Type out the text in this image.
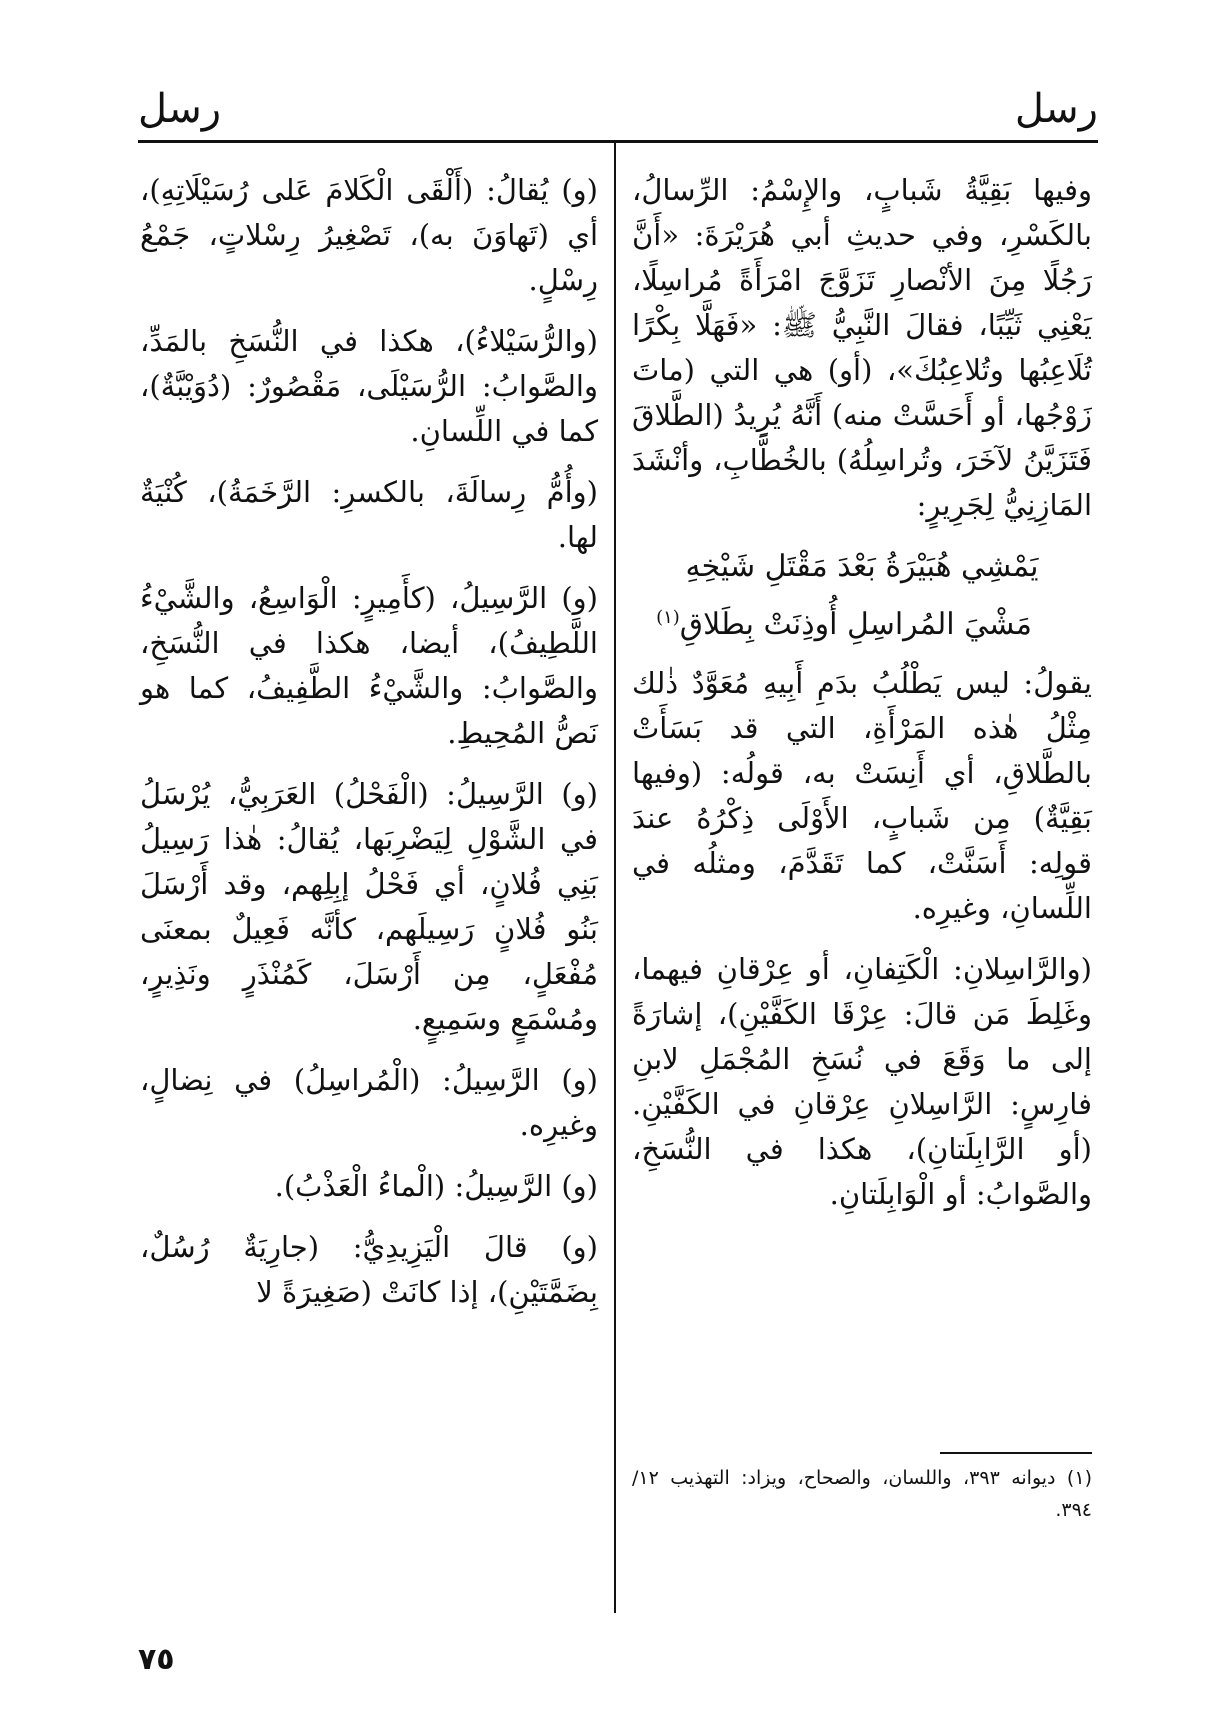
رسل
رسل

وفيها بَقِيَّةُ شَبابٍ، والإِسْمُ: الرِّسالُ، بالكَسْرِ، وفي حديثِ أبي هُرَيْرَةَ: «أَنَّ رَجُلًا مِنَ الأنْصارِ تَزَوَّجَ امْرَأَةً مُراسِلًا، يَعْنِي ثَيِّبًا، فقالَ النَّبِيُّ ﷺ: «فَهَلَّا بِكْرًا تُلَاعِبُها وتُلاعِبُكَ»، (أو) هي التي (ماتَ زَوْجُها، أو أَحَسَّتْ منه) أَنَّهُ يُرِيدُ (الطَّلاقَ فَتَزَيَّنُ لآخَرَ، وتُراسِلُهُ) بالخُطَّابِ، وأنْشَدَ المَازِنِيُّ لِجَرِيرٍ:

يَمْشِي هُبَيْرَةُ بَعْدَ مَقْتَلِ شَيْخِهِ

مَشْيَ المُراسِلِ أُوذِنَتْ بِطَلاقِ$^{(١)}$

يقولُ: ليس يَطْلُبُ بدَمِ أَبِيهِ مُعَوَّدٌ ذٰلك مِثْلُ هٰذه المَرْأَةِ، التي قد بَسَأَتْ بالطَّلاقِ، أي أَنِسَتْ به، قولُه: (وفيها بَقِيَّةٌ) مِن شَبابٍ، الأَوْلَى ذِكْرُهُ عندَ قولِه: أَسَنَّتْ، كما تَقَدَّمَ، ومثلُه في اللِّسانِ، وغيرِه.

(والرَّاسِلانِ: الْكَتِفانِ، أو عِرْقانِ فيهما، وغَلِطَ مَن قالَ: عِرْقَا الكَفَّيْنِ)، إشارَةً إلى ما وَقَعَ في نُسَخِ المُجْمَلِ لابنِ فارِسٍ: الرَّاسِلانِ عِرْقانِ في الكَفَّيْنِ. (أو الرَّابِلَتانِ)، هكذا في النُّسَخِ، والصَّوابُ: أو الْوَابِلَتانِ.

(و) يُقالُ: (أَلْقَى الْكَلامَ عَلى رُسَيْلَاتِهِ)، أي (تَهاوَنَ به)، تَصْغِيرُ رِسْلاتٍ، جَمْعُ رِسْلٍ.

(والرُّسَيْلاءُ)، هكذا في النُّسَخِ بالمَدِّ، والصَّوابُ: الرُّسَيْلَى، مَقْصُورٌ: (دُوَيْبَّةٌ)، كما في اللِّسانِ.

(وأُمُّ رِسالَةَ، بالكسرِ: الرَّخَمَةُ)، كُنْيَةٌ لها.

(و) الرَّسِيلُ، (كأَمِيرٍ: الْوَاسِعُ، والشَّيْءُ اللَّطِيفُ)، أيضا، هكذا في النُّسَخِ، والصَّوابُ: والشَّيْءُ الطَّفِيفُ، كما هو نَصُّ المُحِيطِ.

(و) الرَّسِيلُ: (الْفَحْلُ) العَرَبِيُّ، يُرْسَلُ في الشَّوْلِ لِيَضْرِبَها، يُقالُ: هٰذا رَسِيلُ بَنِي فُلانٍ، أي فَحْلُ إبِلِهم، وقد أَرْسَلَ بَنُو فُلانٍ رَسِيلَهم، كأنَّه فَعِيلٌ بمعنَى مُفْعَلٍ، مِن أَرْسَلَ، كَمُنْذَرٍ ونَذِيرٍ، ومُسْمَعٍ وسَمِيعٍ.

(و) الرَّسِيلُ: (الْمُراسِلُ) في نِضالٍ، وغيرِه.

(و) الرَّسِيلُ: (الْماءُ الْعَذْبُ).

(و) قالَ الْيَزِيدِيُّ: (جارِيَةٌ رُسُلٌ، بِضَمَّتَيْنِ)، إذا كانَتْ (صَغِيرَةً لا

(١) ديوانه ٣٩٣، واللسان، والصحاح، ويزاد: التهذيب ١٢/ ٣٩٤.
٧٥
